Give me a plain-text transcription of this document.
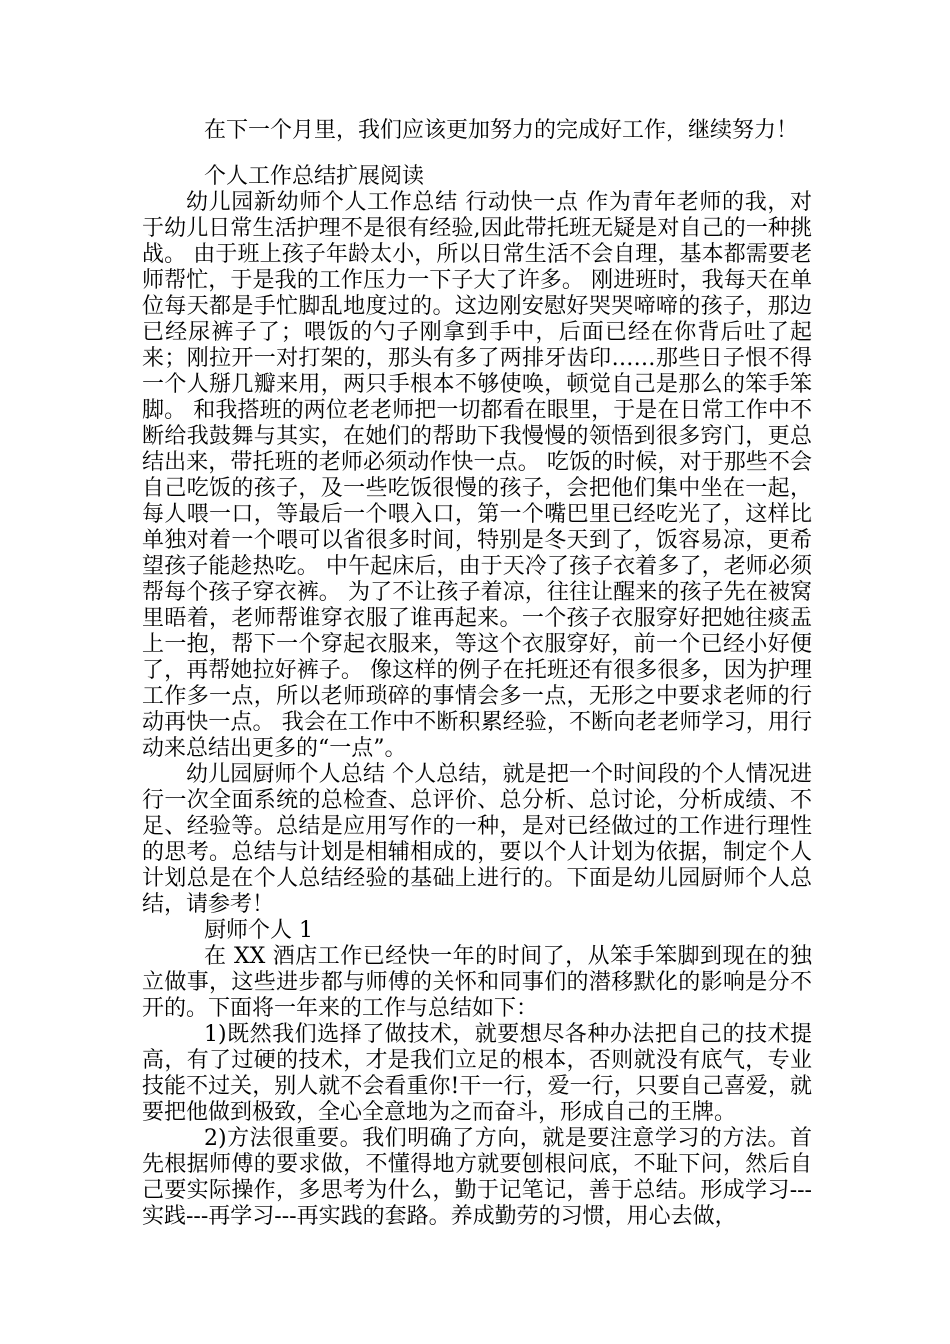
在下一个月里，我们应该更加努力的完成好工作，继续努力！

个人工作总结扩展阅读

幼儿园新幼师个人工作总结 行动快一点 作为青年老师的我，对于幼儿日常生活护理不是很有经验,因此带托班无疑是对自己的一种挑战。 由于班上孩子年龄太小，所以日常生活不会自理，基本都需要老师帮忙，于是我的工作压力一下子大了许多。 刚进班时，我每天在单位每天都是手忙脚乱地度过的。这边刚安慰好哭哭啼啼的孩子，那边已经尿裤子了；喂饭的勺子刚拿到手中，后面已经在你背后吐了起来；刚拉开一对打架的，那头有多了两排牙齿印……那些日子恨不得一个人掰几瓣来用，两只手根本不够使唤，顿觉自己是那么的笨手笨脚。 和我搭班的两位老老师把一切都看在眼里，于是在日常工作中不断给我鼓舞与其实，在她们的帮助下我慢慢的领悟到很多窍门，更总结出来，带托班的老师必须动作快一点。 吃饭的时候，对于那些不会自己吃饭的孩子，及一些吃饭很慢的孩子，会把他们集中坐在一起，每人喂一口，等最后一个喂入口，第一个嘴巴里已经吃光了，这样比单独对着一个喂可以省很多时间，特别是冬天到了，饭容易凉，更希望孩子能趁热吃。 中午起床后，由于天冷了孩子衣着多了，老师必须帮每个孩子穿衣裤。 为了不让孩子着凉，往往让醒来的孩子先在被窝里晤着，老师帮谁穿衣服了谁再起来。一个孩子衣服穿好把她往痰盂上一抱，帮下一个穿起衣服来，等这个衣服穿好，前一个已经小好便了，再帮她拉好裤子。 像这样的例子在托班还有很多很多，因为护理工作多一点，所以老师琐碎的事情会多一点，无形之中要求老师的行动再快一点。 我会在工作中不断积累经验，不断向老老师学习，用行动来总结出更多的“一点”。

幼儿园厨师个人总结 个人总结，就是把一个时间段的个人情况进行一次全面系统的总检查、总评价、总分析、总讨论，分析成绩、不足、经验等。总结是应用写作的一种，是对已经做过的工作进行理性的思考。总结与计划是相辅相成的，要以个人计划为依据，制定个人计划总是在个人总结经验的基础上进行的。下面是幼儿园厨师个人总结，请参考！

厨师个人 1

在 XX 酒店工作已经快一年的时间了，从笨手笨脚到现在的独立做事，这些进步都与师傅的关怀和同事们的潜移默化的影响是分不开的。下面将一年来的工作与总结如下：

1)既然我们选择了做技术，就要想尽各种办法把自己的技术提高，有了过硬的技术，才是我们立足的根本，否则就没有底气，专业技能不过关，别人就不会看重你!干一行，爱一行，只要自己喜爱，就要把他做到极致，全心全意地为之而奋斗，形成自己的王牌。

2)方法很重要。我们明确了方向，就是要注意学习的方法。首先根据师傅的要求做，不懂得地方就要刨根问底，不耻下问，然后自己要实际操作，多思考为什么，勤于记笔记，善于总结。形成学习---实践---再学习---再实践的套路。养成勤劳的习惯，用心去做，
